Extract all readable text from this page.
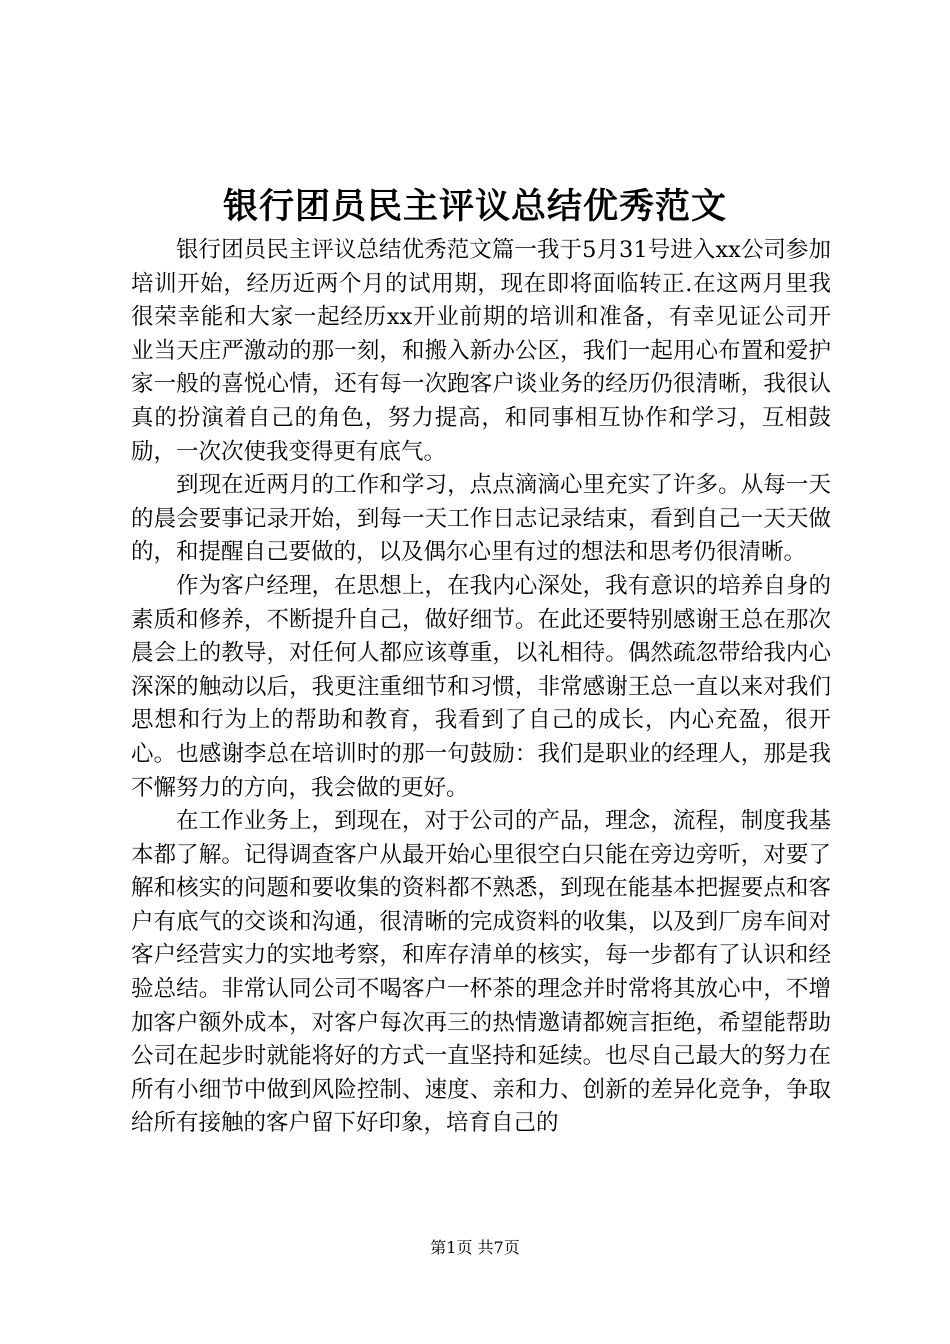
银行团员民主评议总结优秀范文

银行团员民主评议总结优秀范文篇一我于5月31号进入xx公司参加培训开始，经历近两个月的试用期，现在即将面临转正.在这两月里我很荣幸能和大家一起经历xx开业前期的培训和准备，有幸见证公司开业当天庄严激动的那一刻，和搬入新办公区，我们一起用心布置和爱护家一般的喜悦心情，还有每一次跑客户谈业务的经历仍很清晰，我很认真的扮演着自己的角色，努力提高，和同事相互协作和学习，互相鼓励，一次次使我变得更有底气。

到现在近两月的工作和学习，点点滴滴心里充实了许多。从每一天的晨会要事记录开始，到每一天工作日志记录结束，看到自己一天天做的，和提醒自己要做的，以及偶尔心里有过的想法和思考仍很清晰。

作为客户经理，在思想上，在我内心深处，我有意识的培养自身的素质和修养，不断提升自己，做好细节。在此还要特别感谢王总在那次晨会上的教导，对任何人都应该尊重，以礼相待。偶然疏忽带给我内心深深的触动以后，我更注重细节和习惯，非常感谢王总一直以来对我们思想和行为上的帮助和教育，我看到了自己的成长，内心充盈，很开心。也感谢李总在培训时的那一句鼓励：我们是职业的经理人，那是我不懈努力的方向，我会做的更好。

在工作业务上，到现在，对于公司的产品，理念，流程，制度我基本都了解。记得调查客户从最开始心里很空白只能在旁边旁听，对要了解和核实的问题和要收集的资料都不熟悉，到现在能基本把握要点和客户有底气的交谈和沟通，很清晰的完成资料的收集，以及到厂房车间对客户经营实力的实地考察，和库存清单的核实，每一步都有了认识和经验总结。非常认同公司不喝客户一杯茶的理念并时常将其放心中，不增加客户额外成本，对客户每次再三的热情邀请都婉言拒绝，希望能帮助公司在起步时就能将好的方式一直坚持和延续。也尽自己最大的努力在所有小细节中做到风险控制、速度、亲和力、创新的差异化竞争，争取给所有接触的客户留下好印象，培育自己的

第1页 共7页
